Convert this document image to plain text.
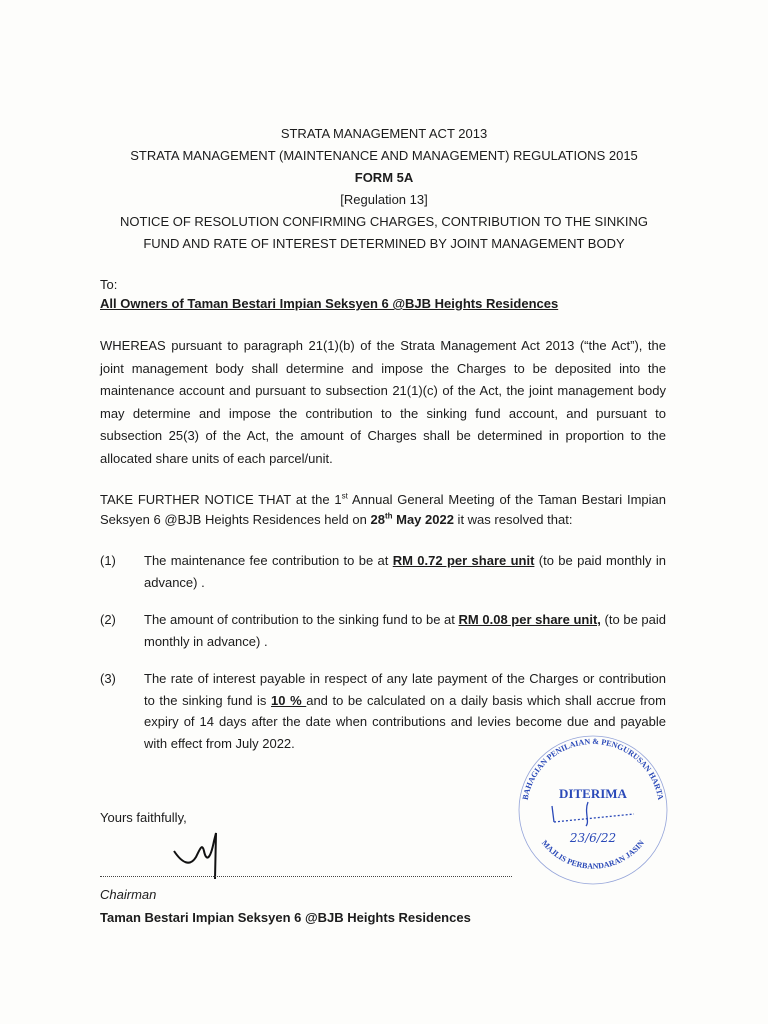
STRATA MANAGEMENT ACT 2013
STRATA MANAGEMENT (MAINTENANCE AND MANAGEMENT) REGULATIONS 2015
FORM 5A
[Regulation 13]
NOTICE OF RESOLUTION CONFIRMING CHARGES, CONTRIBUTION TO THE SINKING
FUND AND RATE OF INTEREST DETERMINED BY JOINT MANAGEMENT BODY
To:
All Owners of Taman Bestari Impian Seksyen 6 @BJB Heights Residences
WHEREAS pursuant to paragraph 21(1)(b) of the Strata Management Act 2013 (“the Act”), the joint management body shall determine and impose the Charges to be deposited into the maintenance account and pursuant to subsection 21(1)(c) of the Act, the joint management body may determine and impose the contribution to the sinking fund account, and pursuant to subsection 25(3) of the Act, the amount of Charges shall be determined in proportion to the allocated share units of each parcel/unit.
TAKE FURTHER NOTICE THAT at the 1st Annual General Meeting of the Taman Bestari Impian Seksyen 6 @BJB Heights Residences held on 28th May 2022 it was resolved that:
(1)	The maintenance fee contribution to be at RM 0.72 per share unit (to be paid monthly in advance) .
(2)	The amount of contribution to the sinking fund to be at RM 0.08 per share unit, (to be paid monthly in advance) .
(3)	The rate of interest payable in respect of any late payment of the Charges or contribution to the sinking fund is 10 % and to be calculated on a daily basis which shall accrue from expiry of 14 days after the date when contributions and levies become due and payable with effect from July 2022.
Yours faithfully,
Chairman
Taman Bestari Impian Seksyen 6 @BJB Heights Residences
BAHAGIAN PENILAIAN & PENGURUSAN HARTA
MAJLIS PERBANDARAN JASIN
DITERIMA
23/6/22
